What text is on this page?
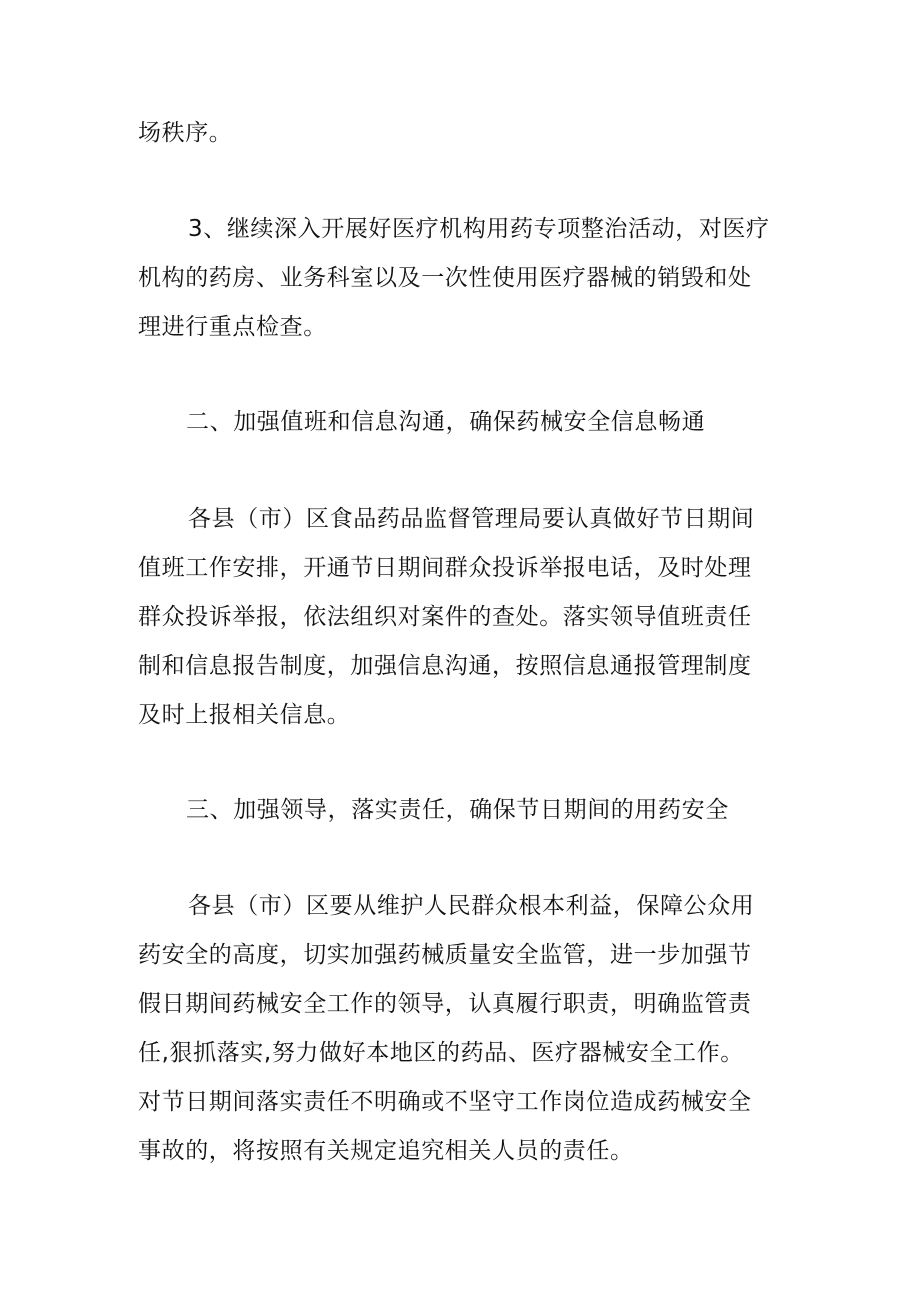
场秩序。
3、继续深入开展好医疗机构用药专项整治活动，对医疗
机构的药房、业务科室以及一次性使用医疗器械的销毁和处
理进行重点检查。
二、加强值班和信息沟通，确保药械安全信息畅通
各县（市）区食品药品监督管理局要认真做好节日期间
值班工作安排，开通节日期间群众投诉举报电话，及时处理
群众投诉举报，依法组织对案件的查处。落实领导值班责任
制和信息报告制度，加强信息沟通，按照信息通报管理制度
及时上报相关信息。
三、加强领导，落实责任，确保节日期间的用药安全
各县（市）区要从维护人民群众根本利益，保障公众用
药安全的高度，切实加强药械质量安全监管，进一步加强节
假日期间药械安全工作的领导，认真履行职责，明确监管责
任,狠抓落实,努力做好本地区的药品、医疗器械安全工作。
对节日期间落实责任不明确或不坚守工作岗位造成药械安全
事故的，将按照有关规定追究相关人员的责任。
